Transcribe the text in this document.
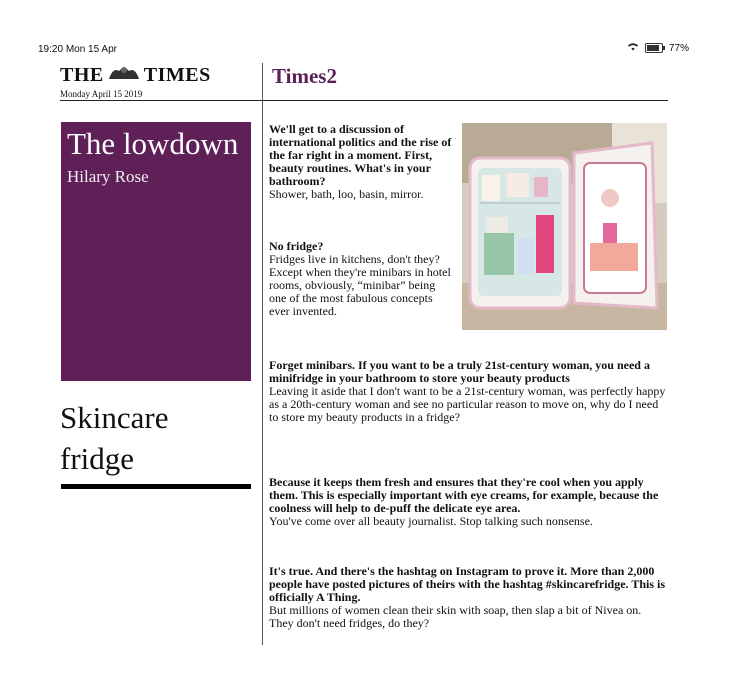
19:20 Mon 15 Apr	77%
THE TIMES
Monday April 15 2019
Times2
The lowdown
Hilary Rose
Skincare
fridge
We'll get to a discussion of international politics and the rise of the far right in a moment. First, beauty routines. What's in your bathroom?
Shower, bath, loo, basin, mirror.
No fridge?
Fridges live in kitchens, don't they? Except when they're minibars in hotel rooms, obviously, “minibar” being one of the most fabulous concepts ever invented.
Forget minibars. If you want to be a truly 21st-century woman, you need a minifridge in your bathroom to store your beauty products
Leaving it aside that I don't want to be a 21st-century woman, was perfectly happy as a 20th-century woman and see no particular reason to move on, why do I need to store my beauty products in a fridge?
Because it keeps them fresh and ensures that they're cool when you apply them. This is especially important with eye creams, for example, because the coolness will help to de-puff the delicate eye area.
You've come over all beauty journalist. Stop talking such nonsense.
It's true. And there's the hashtag on Instagram to prove it. More than 2,000 people have posted pictures of theirs with the hashtag #skincarefridge. This is officially A Thing.
But millions of women clean their skin with soap, then slap a bit of Nivea on. They don't need fridges, do they?
